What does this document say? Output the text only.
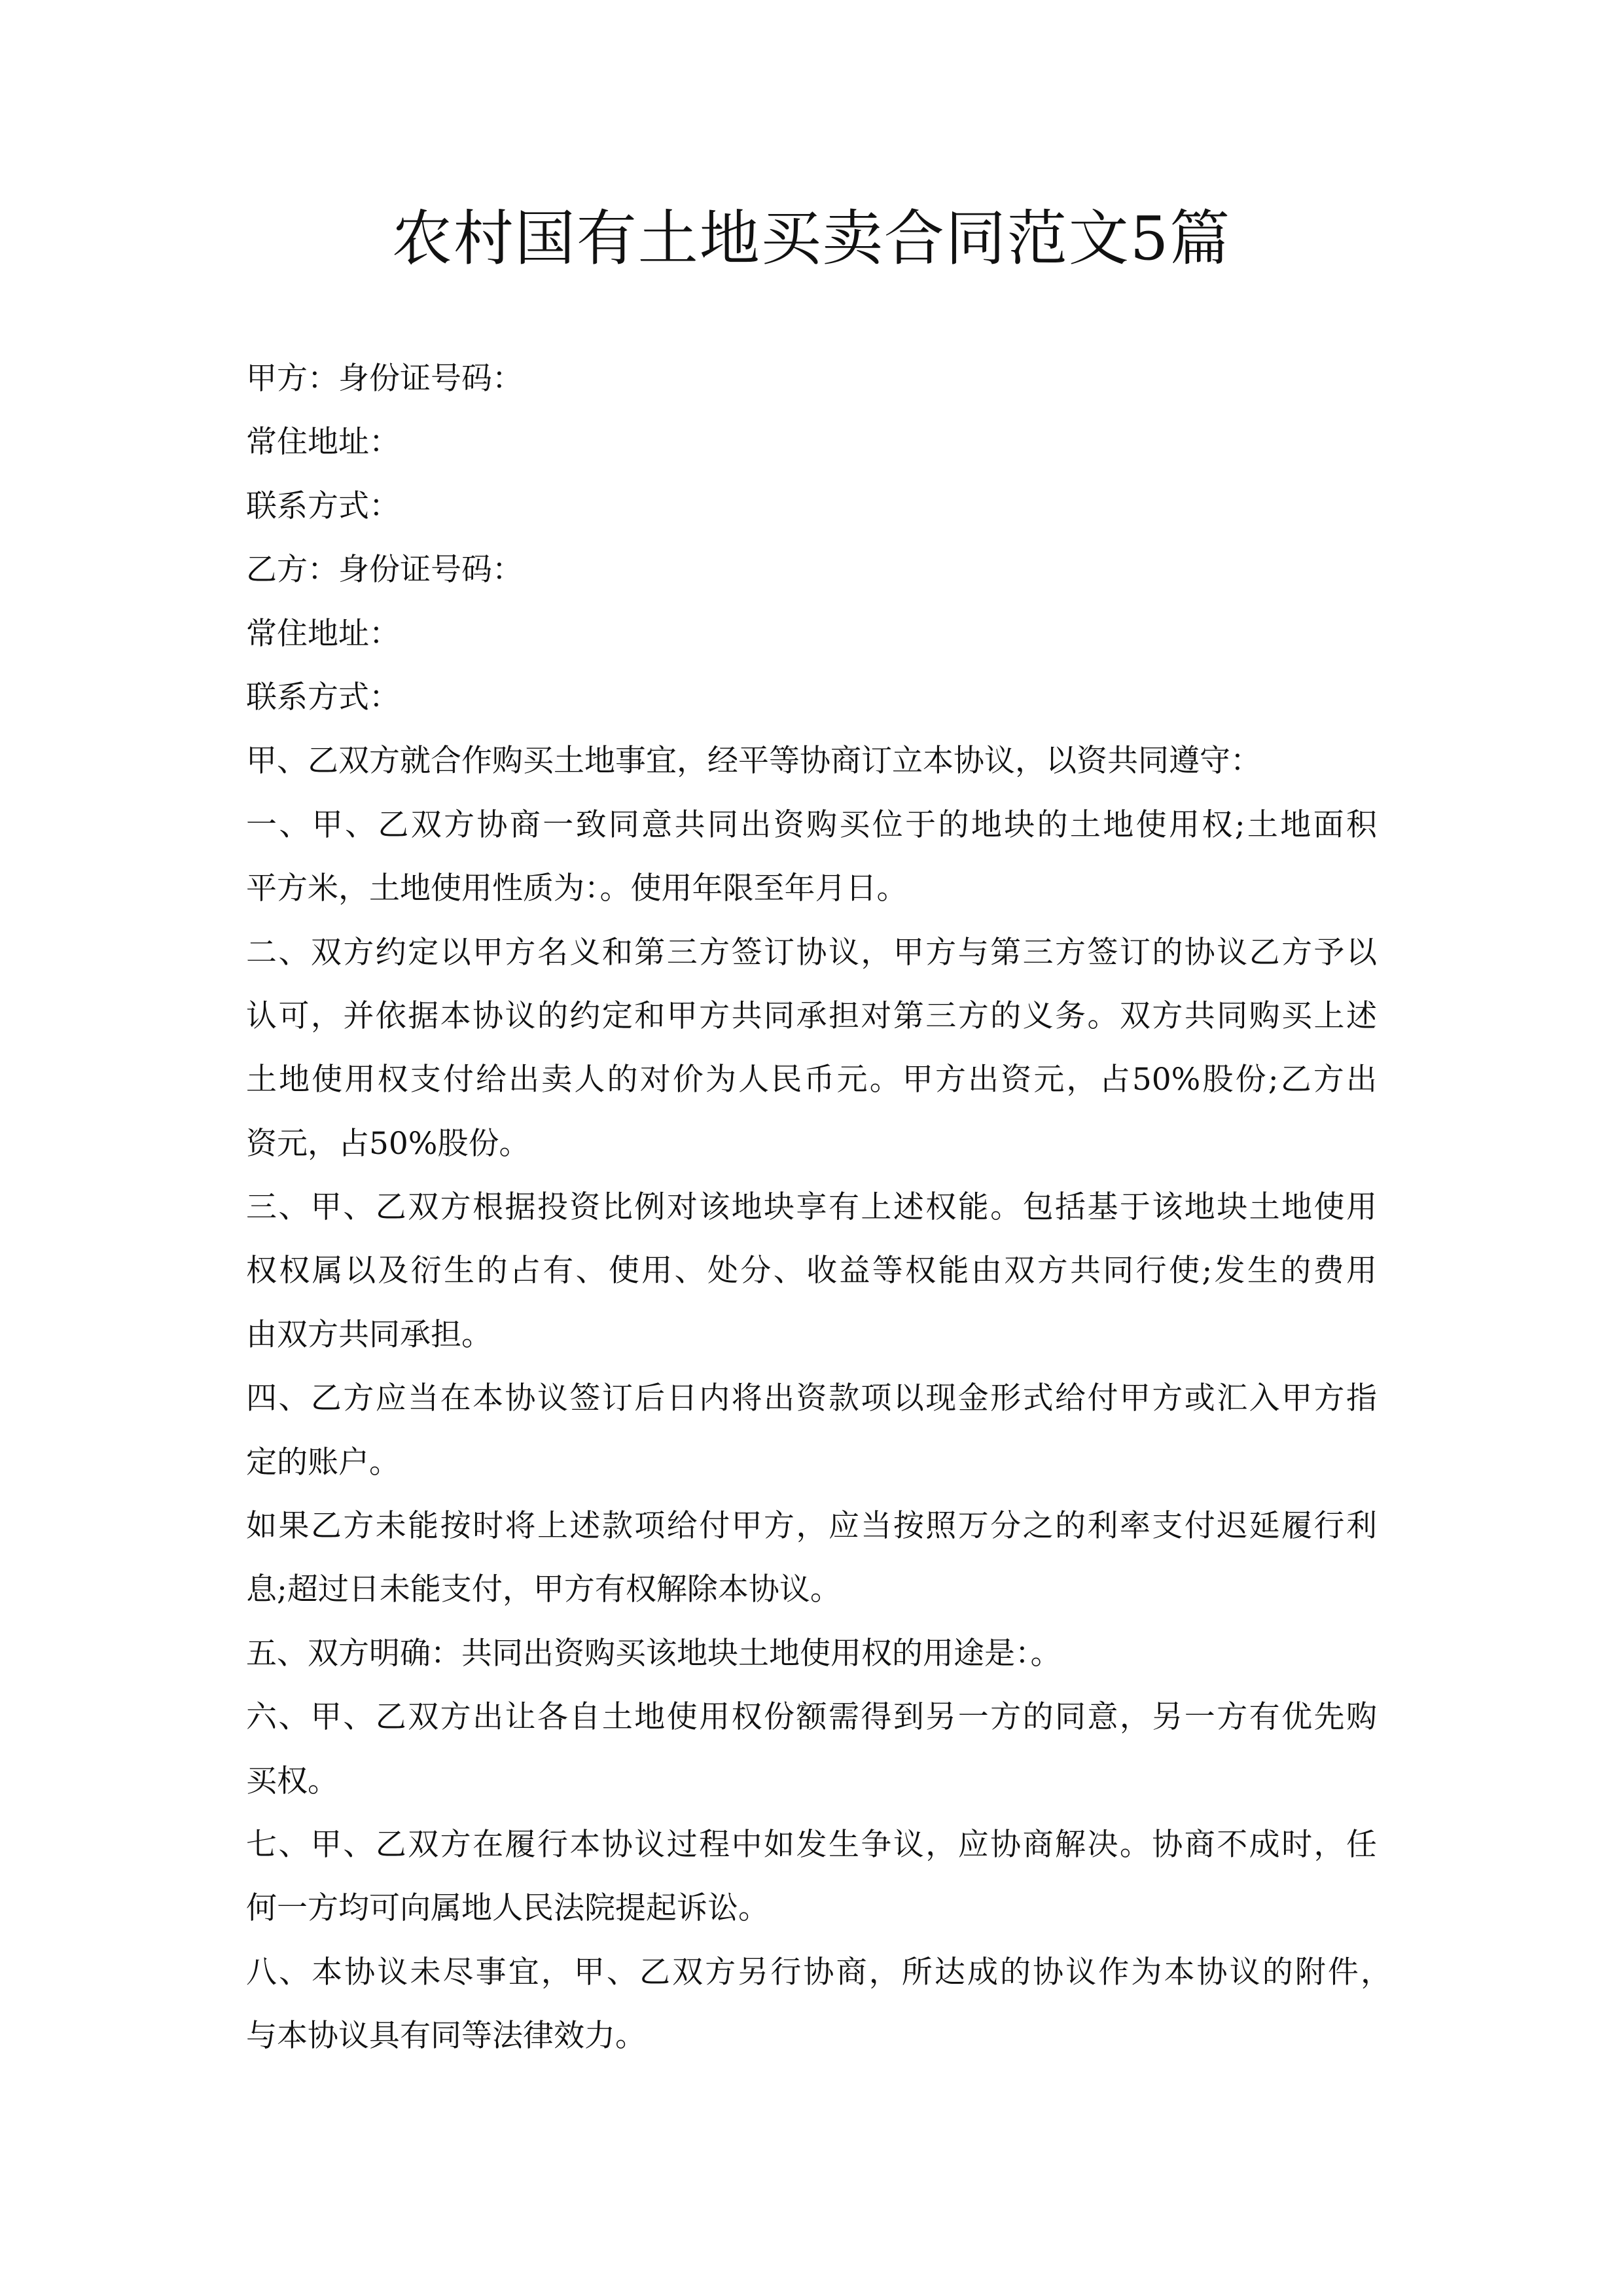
农村国有土地买卖合同范文5篇
甲方：身份证号码：
常住地址：
联系方式：
乙方：身份证号码：
常住地址：
联系方式：
甲、乙双方就合作购买土地事宜，经平等协商订立本协议，以资共同遵守：
一、甲、乙双方协商一致同意共同出资购买位于的地块的土地使用权;土地面积
平方米，土地使用性质为：。使用年限至年月日。
二、双方约定以甲方名义和第三方签订协议，甲方与第三方签订的协议乙方予以
认可，并依据本协议的约定和甲方共同承担对第三方的义务。双方共同购买上述
土地使用权支付给出卖人的对价为人民币元。甲方出资元，占50%股份;乙方出
资元，占50%股份。
三、甲、乙双方根据投资比例对该地块享有上述权能。包括基于该地块土地使用
权权属以及衍生的占有、使用、处分、收益等权能由双方共同行使;发生的费用
由双方共同承担。
四、乙方应当在本协议签订后日内将出资款项以现金形式给付甲方或汇入甲方指
定的账户。
如果乙方未能按时将上述款项给付甲方，应当按照万分之的利率支付迟延履行利
息;超过日未能支付，甲方有权解除本协议。
五、双方明确：共同出资购买该地块土地使用权的用途是：。
六、甲、乙双方出让各自土地使用权份额需得到另一方的同意，另一方有优先购
买权。
七、甲、乙双方在履行本协议过程中如发生争议，应协商解决。协商不成时，任
何一方均可向属地人民法院提起诉讼。
八、本协议未尽事宜，甲、乙双方另行协商，所达成的协议作为本协议的附件，
与本协议具有同等法律效力。
